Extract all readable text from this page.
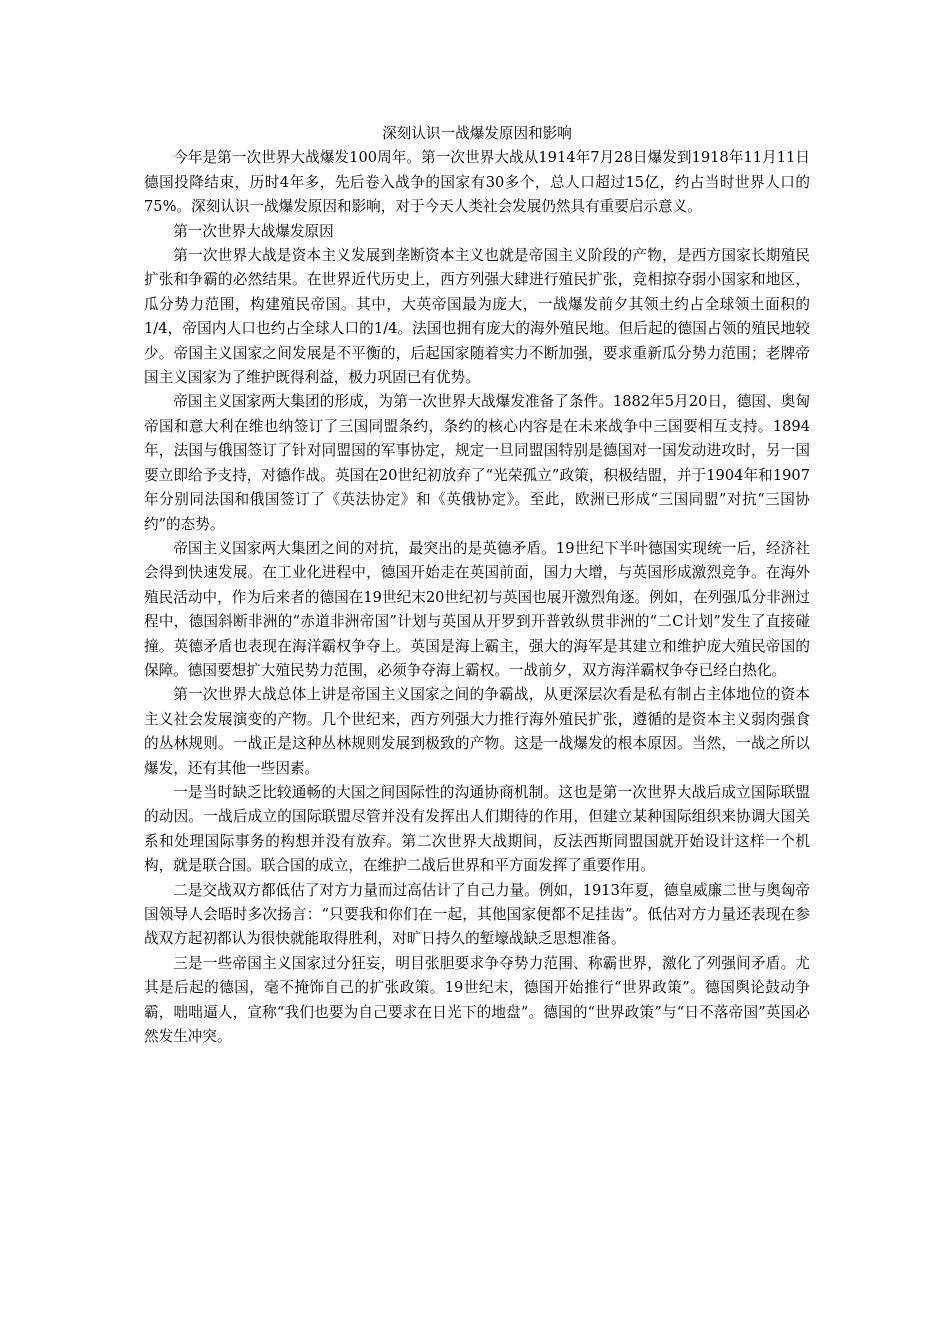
深刻认识一战爆发原因和影响

今年是第一次世界大战爆发100周年。第一次世界大战从1914年7月28日爆发到1918年11月11日德国投降结束，历时4年多，先后卷入战争的国家有30多个，总人口超过15亿，约占当时世界人口的75%。深刻认识一战爆发原因和影响，对于今天人类社会发展仍然具有重要启示意义。

第一次世界大战爆发原因

第一次世界大战是资本主义发展到垄断资本主义也就是帝国主义阶段的产物，是西方国家长期殖民扩张和争霸的必然结果。在世界近代历史上，西方列强大肆进行殖民扩张，竞相掠夺弱小国家和地区，瓜分势力范围，构建殖民帝国。其中，大英帝国最为庞大，一战爆发前夕其领土约占全球领土面积的1/4，帝国内人口也约占全球人口的1/4。法国也拥有庞大的海外殖民地。但后起的德国占领的殖民地较少。帝国主义国家之间发展是不平衡的，后起国家随着实力不断加强，要求重新瓜分势力范围；老牌帝国主义国家为了维护既得利益，极力巩固已有优势。

帝国主义国家两大集团的形成，为第一次世界大战爆发准备了条件。1882年5月20日，德国、奥匈帝国和意大利在维也纳签订了三国同盟条约，条约的核心内容是在未来战争中三国要相互支持。1894年，法国与俄国签订了针对同盟国的军事协定，规定一旦同盟国特别是德国对一国发动进攻时，另一国要立即给予支持，对德作战。英国在20世纪初放弃了“光荣孤立”政策，积极结盟，并于1904年和1907年分别同法国和俄国签订了《英法协定》和《英俄协定》。至此，欧洲已形成“三国同盟”对抗“三国协约”的态势。

帝国主义国家两大集团之间的对抗，最突出的是英德矛盾。19世纪下半叶德国实现统一后，经济社会得到快速发展。在工业化进程中，德国开始走在英国前面，国力大增，与英国形成激烈竞争。在海外殖民活动中，作为后来者的德国在19世纪末20世纪初与英国也展开激烈角逐。例如，在列强瓜分非洲过程中，德国斜断非洲的“赤道非洲帝国”计划与英国从开罗到开普敦纵贯非洲的“二C计划”发生了直接碰撞。英德矛盾也表现在海洋霸权争夺上。英国是海上霸主，强大的海军是其建立和维护庞大殖民帝国的保障。德国要想扩大殖民势力范围，必须争夺海上霸权。一战前夕，双方海洋霸权争夺已经白热化。

第一次世界大战总体上讲是帝国主义国家之间的争霸战，从更深层次看是私有制占主体地位的资本主义社会发展演变的产物。几个世纪来，西方列强大力推行海外殖民扩张，遵循的是资本主义弱肉强食的丛林规则。一战正是这种丛林规则发展到极致的产物。这是一战爆发的根本原因。当然，一战之所以爆发，还有其他一些因素。

一是当时缺乏比较通畅的大国之间国际性的沟通协商机制。这也是第一次世界大战后成立国际联盟的动因。一战后成立的国际联盟尽管并没有发挥出人们期待的作用，但建立某种国际组织来协调大国关系和处理国际事务的构想并没有放弃。第二次世界大战期间，反法西斯同盟国就开始设计这样一个机构，就是联合国。联合国的成立，在维护二战后世界和平方面发挥了重要作用。

二是交战双方都低估了对方力量而过高估计了自己力量。例如，1913年夏，德皇威廉二世与奥匈帝国领导人会晤时多次扬言：“只要我和你们在一起，其他国家便都不足挂齿”。低估对方力量还表现在参战双方起初都认为很快就能取得胜利，对旷日持久的堑壕战缺乏思想准备。

三是一些帝国主义国家过分狂妄，明目张胆要求争夺势力范围、称霸世界，激化了列强间矛盾。尤其是后起的德国，毫不掩饰自己的扩张政策。19世纪末，德国开始推行“世界政策”。德国舆论鼓动争霸，咄咄逼人，宣称“我们也要为自己要求在日光下的地盘”。德国的“世界政策”与“日不落帝国”英国必然发生冲突。
